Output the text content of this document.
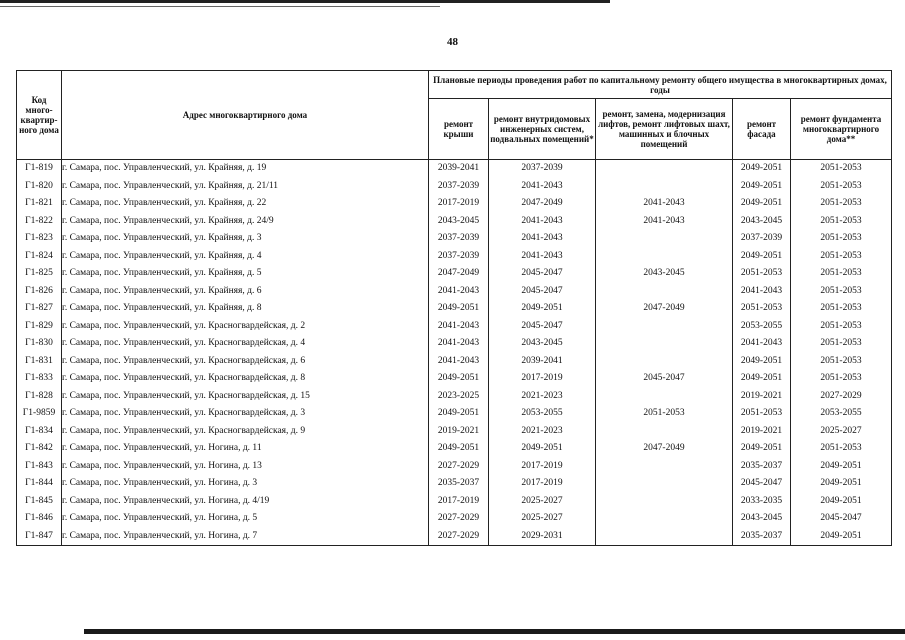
48
Код много-квартир-ного дома	Адрес многоквартирного дома	Плановые периоды проведения работ по капитальному ремонту общего имущества в многоквартирных домах, годы				
		ремонт крыши	ремонт внутридомовых инженерных систем, подвальных помещений*	ремонт, замена, модернизация лифтов, ремонт лифтовых шахт, машинных и блочных помещений	ремонт фасада	ремонт фундамента многоквартирного дома**
Г1-819	г. Самара, пос. Управленческий, ул. Крайняя, д. 19	2039-2041	2037-2039		2049-2051	2051-2053
Г1-820	г. Самара, пос. Управленческий, ул. Крайняя, д. 21/11	2037-2039	2041-2043		2049-2051	2051-2053
Г1-821	г. Самара, пос. Управленческий, ул. Крайняя, д. 22	2017-2019	2047-2049	2041-2043	2049-2051	2051-2053
Г1-822	г. Самара, пос. Управленческий, ул. Крайняя, д. 24/9	2043-2045	2041-2043	2041-2043	2043-2045	2051-2053
Г1-823	г. Самара, пос. Управленческий, ул. Крайняя, д. 3	2037-2039	2041-2043		2037-2039	2051-2053
Г1-824	г. Самара, пос. Управленческий, ул. Крайняя, д. 4	2037-2039	2041-2043		2049-2051	2051-2053
Г1-825	г. Самара, пос. Управленческий, ул. Крайняя, д. 5	2047-2049	2045-2047	2043-2045	2051-2053	2051-2053
Г1-826	г. Самара, пос. Управленческий, ул. Крайняя, д. 6	2041-2043	2045-2047		2041-2043	2051-2053
Г1-827	г. Самара, пос. Управленческий, ул. Крайняя, д. 8	2049-2051	2049-2051	2047-2049	2051-2053	2051-2053
Г1-829	г. Самара, пос. Управленческий, ул. Красногвардейская, д. 2	2041-2043	2045-2047		2053-2055	2051-2053
Г1-830	г. Самара, пос. Управленческий, ул. Красногвардейская, д. 4	2041-2043	2043-2045		2041-2043	2051-2053
Г1-831	г. Самара, пос. Управленческий, ул. Красногвардейская, д. 6	2041-2043	2039-2041		2049-2051	2051-2053
Г1-833	г. Самара, пос. Управленческий, ул. Красногвардейская, д. 8	2049-2051	2017-2019	2045-2047	2049-2051	2051-2053
Г1-828	г. Самара, пос. Управленческий, ул. Красногвардейская, д. 15	2023-2025	2021-2023		2019-2021	2027-2029
Г1-9859	г. Самара, пос. Управленческий, ул. Красногвардейская, д. 3	2049-2051	2053-2055	2051-2053	2051-2053	2053-2055
Г1-834	г. Самара, пос. Управленческий, ул. Красногвардейская, д. 9	2019-2021	2021-2023		2019-2021	2025-2027
Г1-842	г. Самара, пос. Управленческий, ул. Ногина, д. 11	2049-2051	2049-2051	2047-2049	2049-2051	2051-2053
Г1-843	г. Самара, пос. Управленческий, ул. Ногина, д. 13	2027-2029	2017-2019		2035-2037	2049-2051
Г1-844	г. Самара, пос. Управленческий, ул. Ногина, д. 3	2035-2037	2017-2019		2045-2047	2049-2051
Г1-845	г. Самара, пос. Управленческий, ул. Ногина, д. 4/19	2017-2019	2025-2027		2033-2035	2049-2051
Г1-846	г. Самара, пос. Управленческий, ул. Ногина, д. 5	2027-2029	2025-2027		2043-2045	2045-2047
Г1-847	г. Самара, пос. Управленческий, ул. Ногина, д. 7	2027-2029	2029-2031		2035-2037	2049-2051
